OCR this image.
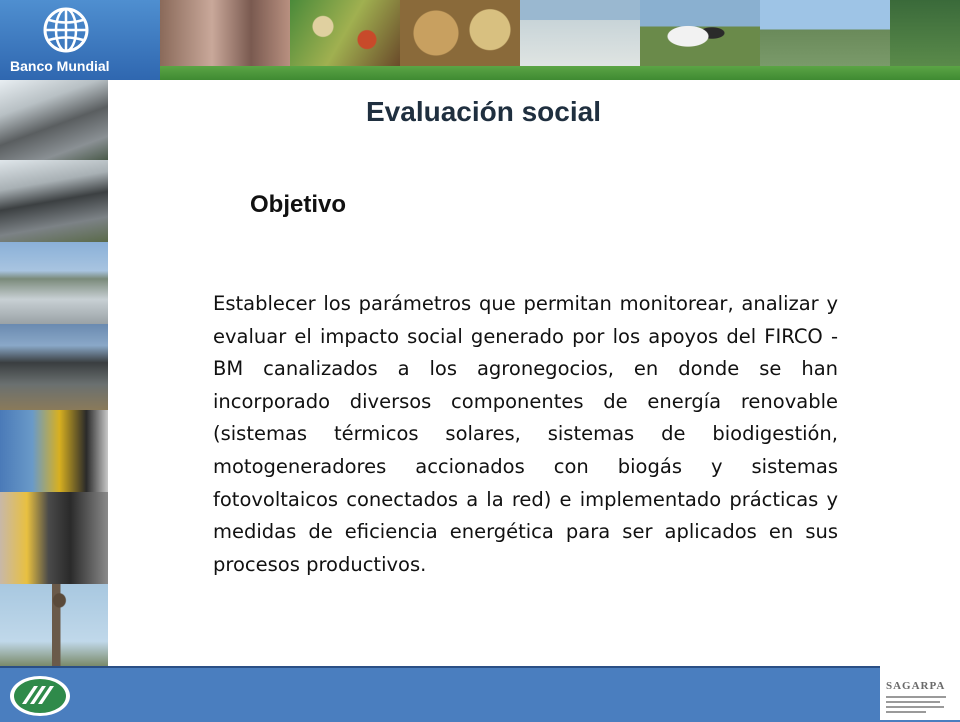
Banco Mundial
Evaluación social
Objetivo
Establecer los parámetros que permitan monitorear, analizar y evaluar el impacto social generado por los apoyos del FIRCO - BM canalizados a los agronegocios, en donde se han incorporado diversos componentes de energía renovable (sistemas térmicos solares, sistemas de biodigestión, motogeneradores accionados con biogás y sistemas fotovoltaicos conectados a la red) e implementado prácticas y medidas de eficiencia energética para ser aplicados en sus procesos productivos.
SAGARPA
